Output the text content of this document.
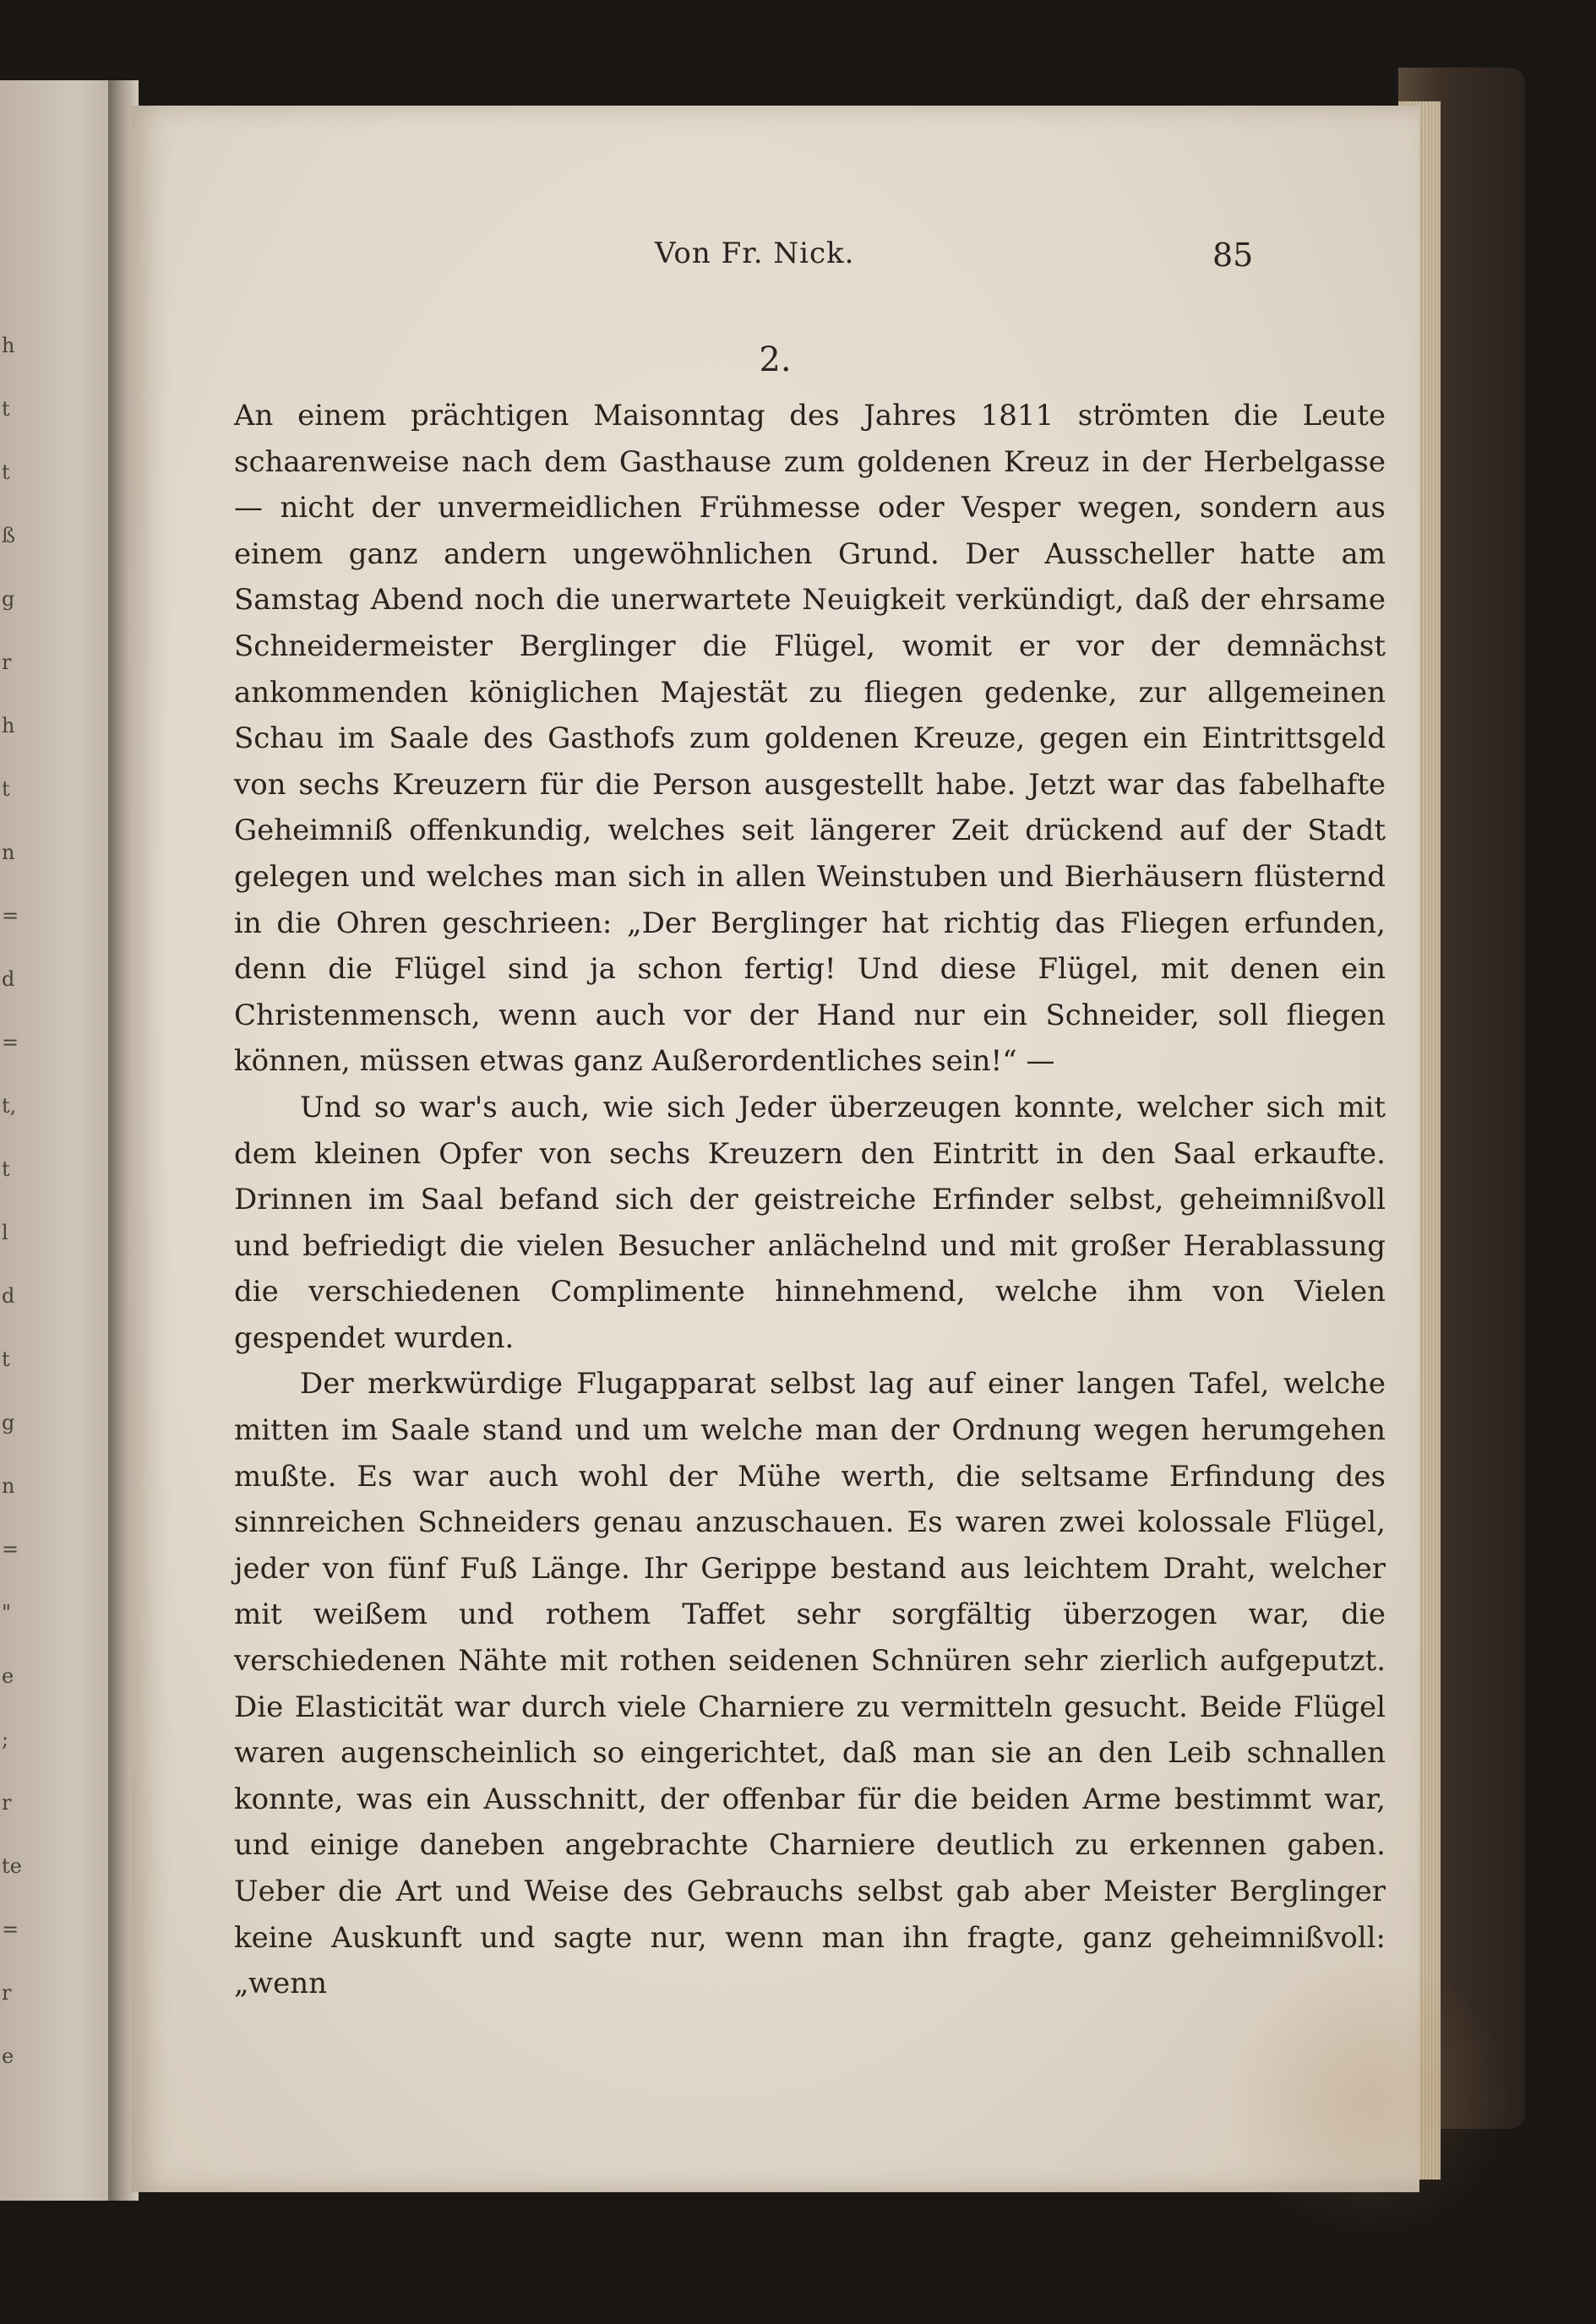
h
t
t
ß
g
r
h
t
n
=
d
=
t,
t
l
d
t
g
n
=
"
e
;
r
te
=
r
e
Von Fr. Nick.	85
2.

An einem prächtigen Maisonntag des Jahres 1811 strömten die Leute schaarenweise nach dem Gasthause zum goldenen Kreuz in der Herbelgasse — nicht der unvermeidlichen Frühmesse oder Vesper wegen, sondern aus einem ganz andern ungewöhnlichen Grund. Der Ausscheller hatte am Samstag Abend noch die unerwartete Neuigkeit verkündigt, daß der ehrsame Schneidermeister Berglinger die Flügel, womit er vor der demnächst ankommenden königlichen Majestät zu fliegen gedenke, zur allgemeinen Schau im Saale des Gasthofs zum goldenen Kreuze, gegen ein Eintrittsgeld von sechs Kreuzern für die Person ausgestellt habe. Jetzt war das fabelhafte Geheimniß offenkundig, welches seit längerer Zeit drückend auf der Stadt gelegen und welches man sich in allen Weinstuben und Bierhäusern flüsternd in die Ohren geschrieen: „Der Berglinger hat richtig das Fliegen erfunden, denn die Flügel sind ja schon fertig! Und diese Flügel, mit denen ein Christenmensch, wenn auch vor der Hand nur ein Schneider, soll fliegen können, müssen etwas ganz Außerordentliches sein!“ —

Und so war's auch, wie sich Jeder überzeugen konnte, welcher sich mit dem kleinen Opfer von sechs Kreuzern den Eintritt in den Saal erkaufte. Drinnen im Saal befand sich der geistreiche Erfinder selbst, geheimnißvoll und befriedigt die vielen Besucher anlächelnd und mit großer Herablassung die verschiedenen Complimente hinnehmend, welche ihm von Vielen gespendet wurden.

Der merkwürdige Flugapparat selbst lag auf einer langen Tafel, welche mitten im Saale stand und um welche man der Ordnung wegen herumgehen mußte. Es war auch wohl der Mühe werth, die seltsame Erfindung des sinnreichen Schneiders genau anzuschauen. Es waren zwei kolossale Flügel, jeder von fünf Fuß Länge. Ihr Gerippe bestand aus leichtem Draht, welcher mit weißem und rothem Taffet sehr sorgfältig überzogen war, die verschiedenen Nähte mit rothen seidenen Schnüren sehr zierlich aufgeputzt. Die Elasticität war durch viele Charniere zu vermitteln gesucht. Beide Flügel waren augenscheinlich so eingerichtet, daß man sie an den Leib schnallen konnte, was ein Ausschnitt, der offenbar für die beiden Arme bestimmt war, und einige daneben angebrachte Charniere deutlich zu erkennen gaben. Ueber die Art und Weise des Gebrauchs selbst gab aber Meister Berglinger keine Auskunft und sagte nur, wenn man ihn fragte, ganz geheimnißvoll: „wenn
